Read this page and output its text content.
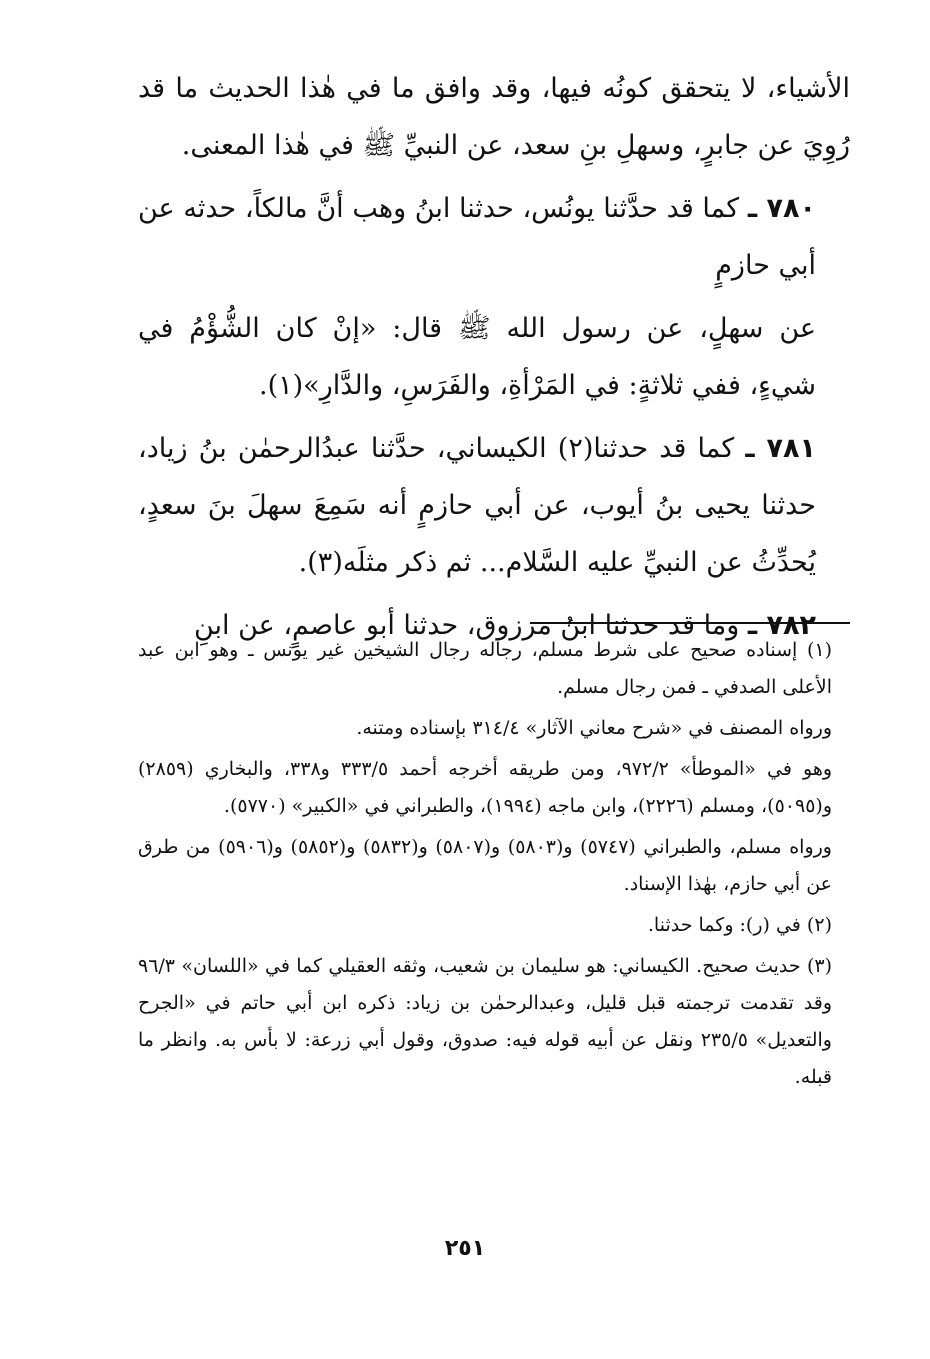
الأشياء، لا يتحقق كونُه فيها، وقد وافق ما في هٰذا الحديث ما قد رُوِيَ عن جابرٍ، وسهلِ بنِ سعد، عن النبيِّ ﷺ في هٰذا المعنى.

٧٨٠ ـ كما قد حدَّثنا يونُس، حدثنا ابنُ وهب أنَّ مالكاً، حدثه عن أبي حازمٍ

عن سهلٍ، عن رسول الله ﷺ قال: «إنْ كان الشُّؤْمُ في شيءٍ، ففي ثلاثةٍ: في المَرْأةِ، والفَرَسِ، والدَّارِ»(١).

٧٨١ ـ كما قد حدثنا(٢) الكيساني، حدَّثنا عبدُالرحمٰن بنُ زياد، حدثنا يحيى بنُ أيوب، عن أبي حازمٍ أنه سَمِعَ سهلَ بنَ سعدٍ، يُحدِّثُ عن النبيِّ عليه السَّلام... ثم ذكر مثلَه(٣).

٧٨٢ ـ وما قد حدثنا ابنُ مرزوق، حدثنا أبو عاصمٍ، عن ابنِ

(١) إسناده صحيح على شرط مسلم، رجاله رجال الشيخين غير يونس ـ وهو ابن عبد الأعلى الصدفي ـ فمن رجال مسلم.

ورواه المصنف في «شرح معاني الآثار» ٣١٤/٤ بإسناده ومتنه.

وهو في «الموطأ» ٩٧٢/٢، ومن طريقه أخرجه أحمد ٣٣٣/٥ و٣٣٨، والبخاري (٢٨٥٩) و(٥٠٩٥)، ومسلم (٢٢٢٦)، وابن ماجه (١٩٩٤)، والطبراني في «الكبير» (٥٧٧٠).

ورواه مسلم، والطبراني (٥٧٤٧) و(٥٨٠٣) و(٥٨٠٧) و(٥٨٣٢) و(٥٨٥٢) و(٥٩٠٦) من طرق عن أبي حازم، بهٰذا الإسناد.

(٢) في (ر): وكما حدثنا.

(٣) حديث صحيح. الكيساني: هو سليمان بن شعيب، وثقه العقيلي كما في «اللسان» ٩٦/٣ وقد تقدمت ترجمته قبل قليل، وعبدالرحمٰن بن زياد: ذكره ابن أبي حاتم في «الجرح والتعديل» ٢٣٥/٥ ونقل عن أبيه قوله فيه: صدوق، وقول أبي زرعة: لا بأس به. وانظر ما قبله.

٢٥١
